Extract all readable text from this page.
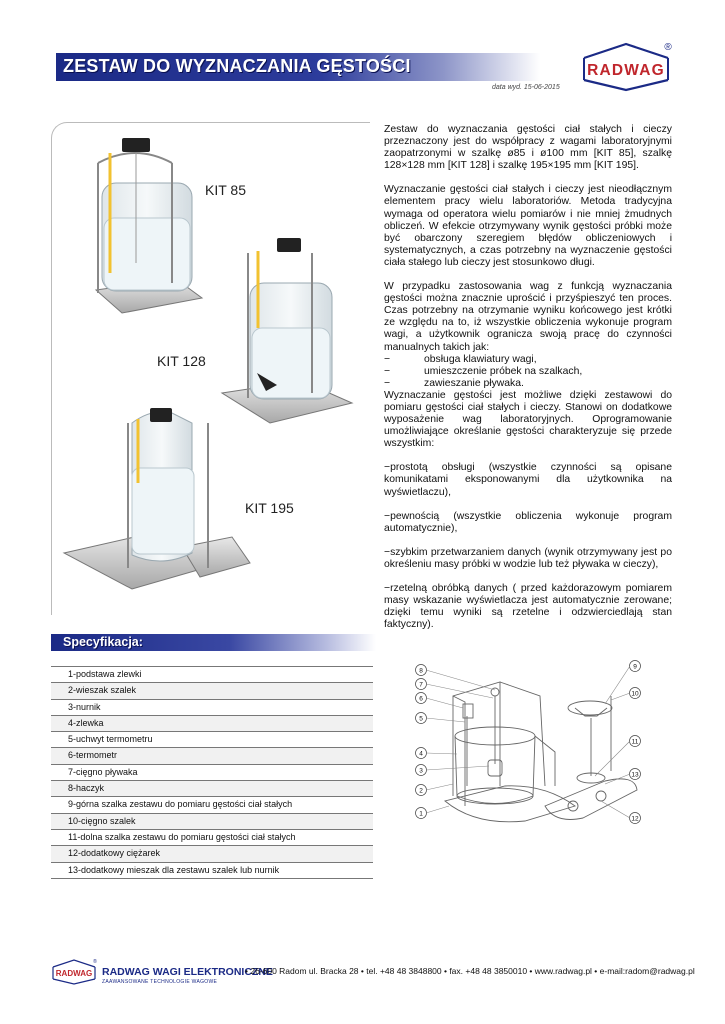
ZESTAW DO WYZNACZANIA GĘSTOŚCI	RADWAG
®
data wyd. 15-06-2015
KIT 85
KIT 128
KIT 195

Zestaw do wyznaczania gęstości ciał stałych i cieczy przeznaczony jest do współpracy z wagami laboratoryjnymi zaopatrzonymi w szalkę ø85 i ø100 mm [KIT 85], szalkę 128×128 mm [KIT 128] i szalkę 195×195 mm [KIT 195].

Wyznaczanie gęstości ciał stałych i cieczy jest nieodłącznym elementem pracy wielu laboratoriów. Metoda tradycyjna wymaga od operatora wielu pomiarów i nie mniej żmudnych obliczeń. W efekcie otrzymywany wynik gęstości próbki może być obarczony szeregiem błędów obliczeniowych i systematycznych, a czas potrzebny na wyznaczenie gęstości ciała stałego lub cieczy jest stosunkowo długi.

W przypadku zastosowania wag z funkcją wyznaczania gęstości można znacznie uprościć i przyśpieszyć ten proces. Czas potrzebny na otrzymanie wyniku końcowego jest krótki ze względu na to, iż wszystkie obliczenia wykonuje program wagi, a użytkownik ogranicza swoją pracę do czynności manualnych takich jak:

−	obsługa klawiatury wagi,
−	umieszczenie próbek na szalkach,
−	zawieszanie pływaka.

Wyznaczanie gęstości jest możliwe dzięki zestawowi do pomiaru gęstości ciał stałych i cieczy. Stanowi on dodatkowe wyposażenie wag laboratoryjnych. Oprogramowanie umożliwiające określanie gęstości charakteryzuje się przede wszystkim:

−prostotą obsługi (wszystkie czynności są opisane komunikatami eksponowanymi dla użytkownika na wyświetlaczu),

−pewnością (wszystkie obliczenia wykonuje program automatycznie),

−szybkim przetwarzaniem danych (wynik otrzymywany jest po określeniu masy próbki w wodzie lub też pływaka w cieczy),

−rzetelną obróbką danych ( przed każdorazowym pomiarem masy wskazanie wyświetlacza jest automatycznie zerowane; dzięki temu wyniki są rzetelne i odzwierciedlają stan faktyczny).

Specyfikacja:
1-podstawa zlewki
2-wieszak szalek
3-nurnik
4-zlewka
5-uchwyt termometru
6-termometr
7-cięgno pływaka
8-haczyk
9-górna szalka zestawu do pomiaru gęstości ciał stałych
10-cięgno szalek
11-dolna szalka zestawu do pomiaru gęstości ciał stałych
12-dodatkowy ciężarek
13-dodatkowy mieszak dla zestawu szalek lub nurnik
8
7
6
5
4
3
2
1
9
10
11
13
12
RADWAG
®
RADWAG WAGI ELEKTRONICZNE
ZAAWANSOWANE TECHNOLOGIE WAGOWE
• 26-600 Radom ul. Bracka 28 • tel. +48 48 3848800 • fax. +48 48 3850010 • www.radwag.pl • e-mail:radom@radwag.pl
